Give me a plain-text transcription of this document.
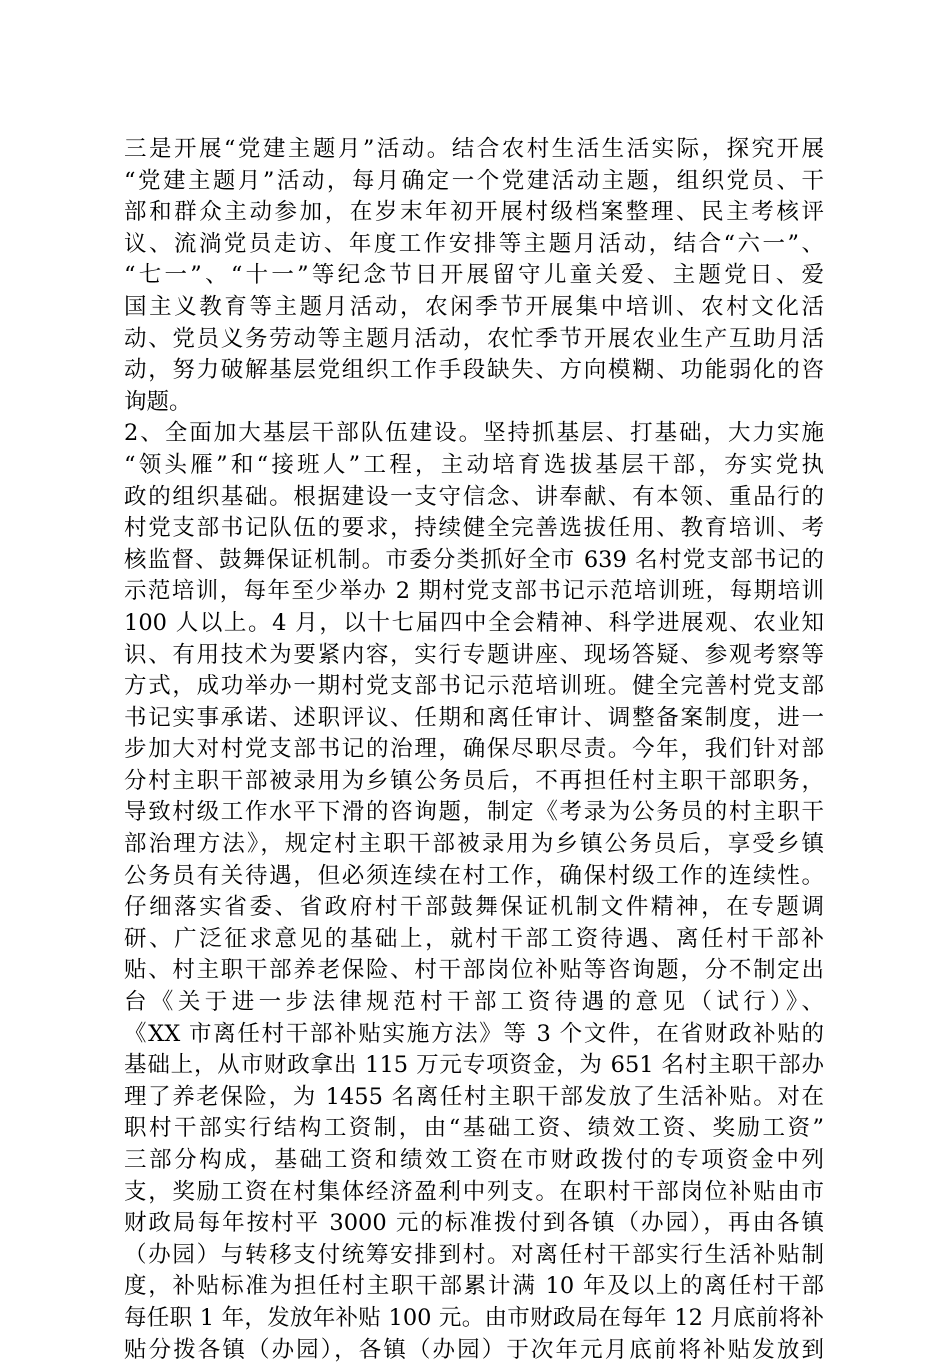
三是开展“党建主题月”活动。结合农村生活生活实际，探究开展
“党建主题月”活动，每月确定一个党建活动主题，组织党员、干
部和群众主动参加，在岁末年初开展村级档案整理、民主考核评
议、流淌党员走访、年度工作安排等主题月活动，结合“六一”、
“七一”、“十一”等纪念节日开展留守儿童关爱、主题党日、爱
国主义教育等主题月活动，农闲季节开展集中培训、农村文化活
动、党员义务劳动等主题月活动，农忙季节开展农业生产互助月活
动，努力破解基层党组织工作手段缺失、方向模糊、功能弱化的咨
询题。
2、全面加大基层干部队伍建设。坚持抓基层、打基础，大力实施
“领头雁”和“接班人”工程，主动培育选拔基层干部，夯实党执
政的组织基础。根据建设一支守信念、讲奉献、有本领、重品行的
村党支部书记队伍的要求，持续健全完善选拔任用、教育培训、考
核监督、鼓舞保证机制。市委分类抓好全市 639 名村党支部书记的
示范培训，每年至少举办 2 期村党支部书记示范培训班，每期培训
100 人以上。4 月，以十七届四中全会精神、科学进展观、农业知
识、有用技术为要紧内容，实行专题讲座、现场答疑、参观考察等
方式，成功举办一期村党支部书记示范培训班。健全完善村党支部
书记实事承诺、述职评议、任期和离任审计、调整备案制度，进一
步加大对村党支部书记的治理，确保尽职尽责。今年，我们针对部
分村主职干部被录用为乡镇公务员后，不再担任村主职干部职务，
导致村级工作水平下滑的咨询题，制定《考录为公务员的村主职干
部治理方法》，规定村主职干部被录用为乡镇公务员后，享受乡镇
公务员有关待遇，但必须连续在村工作，确保村级工作的连续性。
仔细落实省委、省政府村干部鼓舞保证机制文件精神，在专题调
研、广泛征求意见的基础上，就村干部工资待遇、离任村干部补
贴、村主职干部养老保险、村干部岗位补贴等咨询题，分不制定出
台《关于进一步法律规范村干部工资待遇的意见（试行）》、
《XX 市离任村干部补贴实施方法》等 3 个文件，在省财政补贴的
基础上，从市财政拿出 115 万元专项资金，为 651 名村主职干部办
理了养老保险，为 1455 名离任村主职干部发放了生活补贴。对在
职村干部实行结构工资制，由“基础工资、绩效工资、奖励工资”
三部分构成，基础工资和绩效工资在市财政拨付的专项资金中列
支，奖励工资在村集体经济盈利中列支。在职村干部岗位补贴由市
财政局每年按村平 3000 元的标准拨付到各镇（办园），再由各镇
（办园）与转移支付统筹安排到村。对离任村干部实行生活补贴制
度，补贴标准为担任村主职干部累计满 10 年及以上的离任村干部
每任职 1 年，发放年补贴 100 元。由市财政局在每年 12 月底前将补
贴分拨各镇（办园），各镇（办园）于次年元月底前将补贴发放到
